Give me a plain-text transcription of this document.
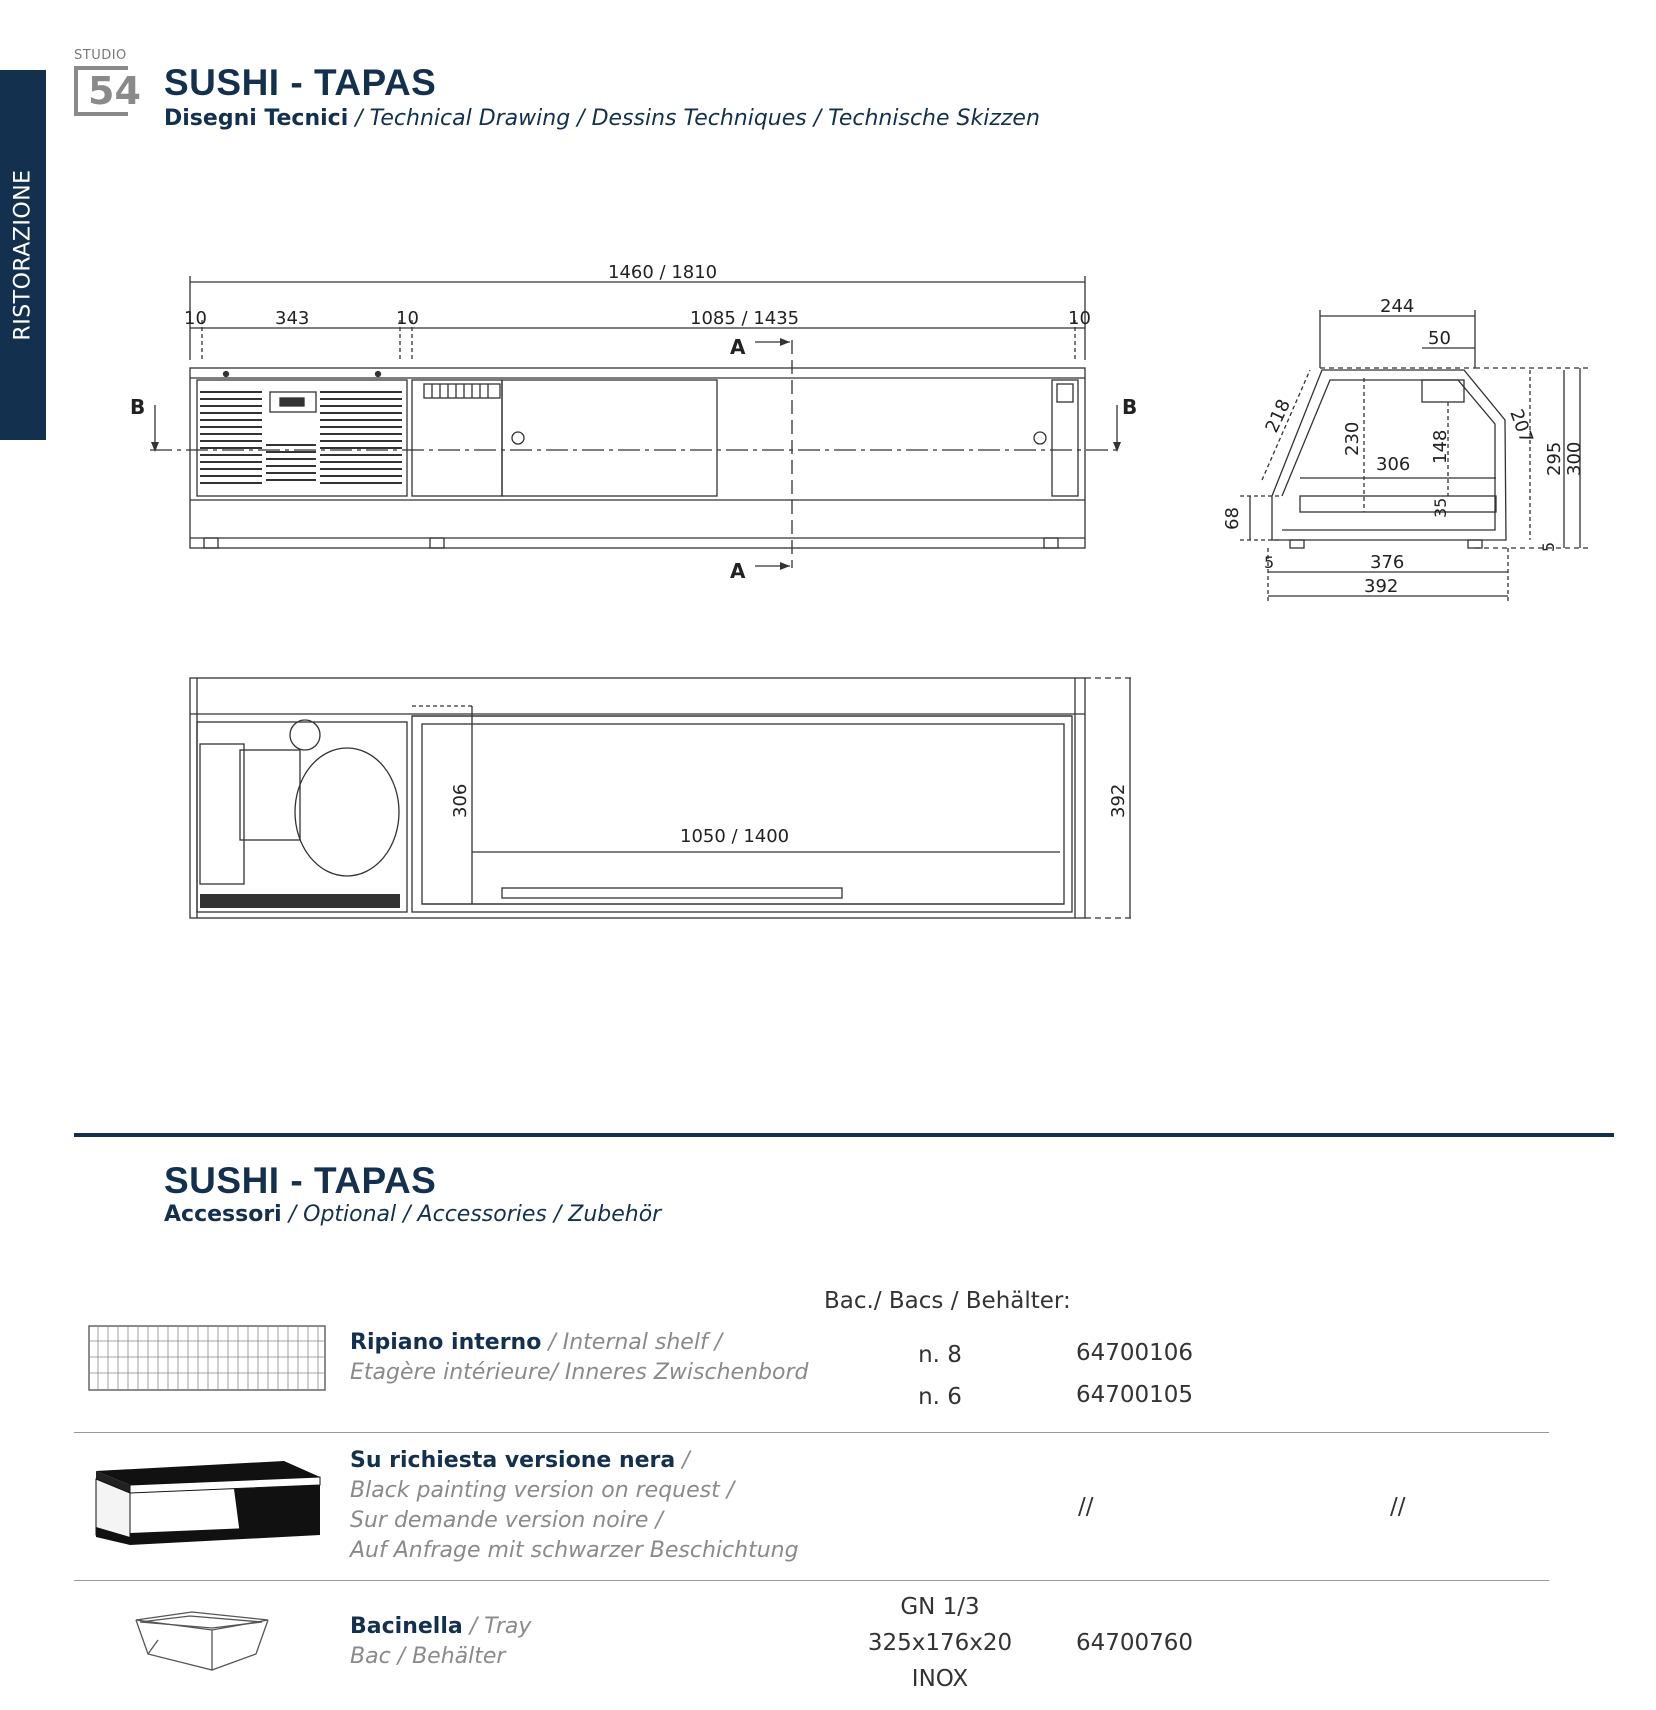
RISTORAZIONE
STUDIO
54 SUSHI - TAPAS
Disegni Tecnici / Technical Drawing / Dessins Techniques / Technische Skizzen
1460 / 1810
10	343	10	1085 / 1435	10
A
A
B	B
1050 / 1400
306	392
244
50
218
230
306
148
35
68
207
295 300
5
5
376
392
SUSHI - TAPAS
Accessori / Optional / Accessories / Zubehör
Bac./ Bacs / Behälter:
Ripiano interno / Internal shelf /
Etagère intérieure/ Inneres Zwischenbord
n. 8	64700106
n. 6	64700105
Su richiesta versione nera /
Black painting version on request /
Sur demande version noire /
Auf Anfrage mit schwarzer Beschichtung
//	//
Bacinella / Tray
Bac / Behälter
GN 1/3
325x176x20
INOX
64700760
